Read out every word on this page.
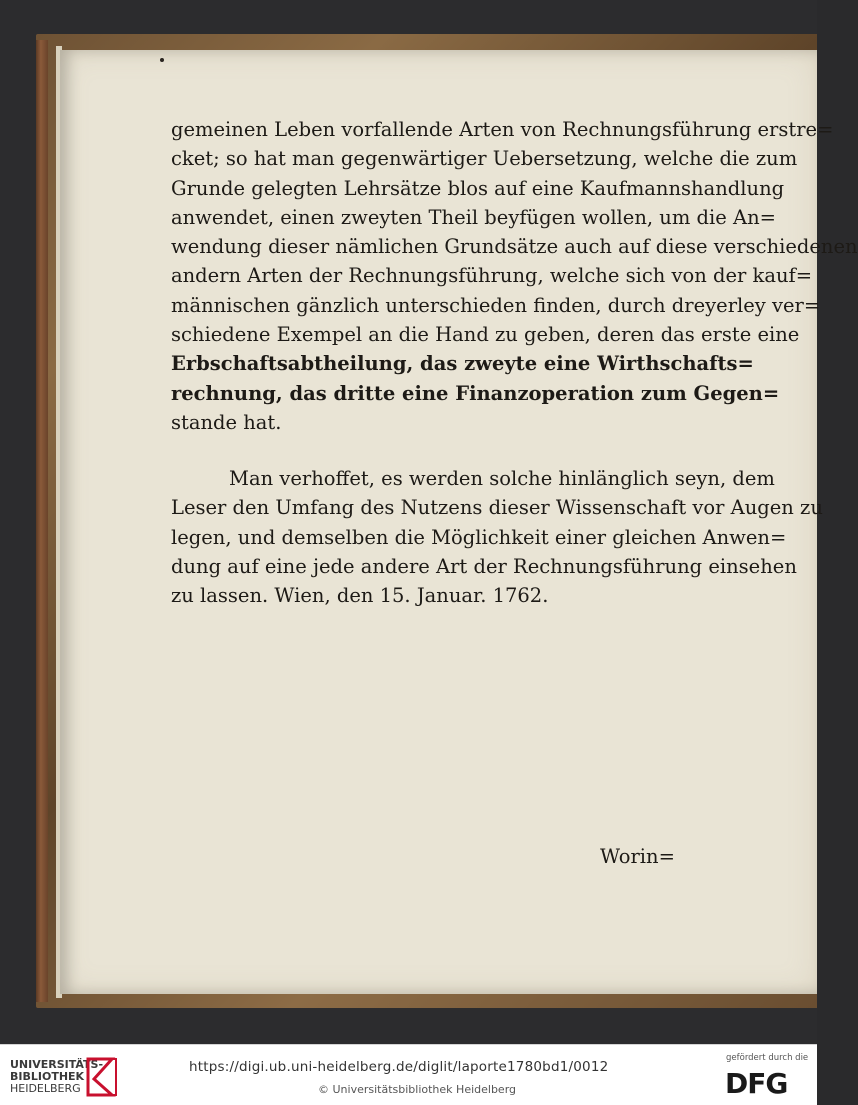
gemeinen Leben vorfallende Arten von Rechnungsführung erstre=
cket; so hat man gegenwärtiger Uebersetzung, welche die zum
Grunde gelegten Lehrsätze blos auf eine Kaufmannshandlung
anwendet, einen zweyten Theil beyfügen wollen, um die An=
wendung dieser nämlichen Grundsätze auch auf diese verschiedenen
andern Arten der Rechnungsführung, welche sich von der kauf=
männischen gänzlich unterschieden finden, durch dreyerley ver=
schiedene Exempel an die Hand zu geben, deren das erste eine
Erbschaftsabtheilung, das zweyte eine Wirthschafts=
rechnung, das dritte eine Finanzoperation zum Gegen=
stande hat.
Man verhoffet, es werden solche hinlänglich seyn, dem
Leser den Umfang des Nutzens dieser Wissenschaft vor Augen zu
legen, und demselben die Möglichkeit einer gleichen Anwen=
dung auf eine jede andere Art der Rechnungsführung einsehen
zu lassen. Wien, den 15. Januar. 1762.
Worin=
UNIVERSITÄTS-
BIBLIOTHEK
HEIDELBERG
https://digi.ub.uni-heidelberg.de/diglit/laporte1780bd1/0012
© Universitätsbibliothek Heidelberg
gefördert durch die
DFG
